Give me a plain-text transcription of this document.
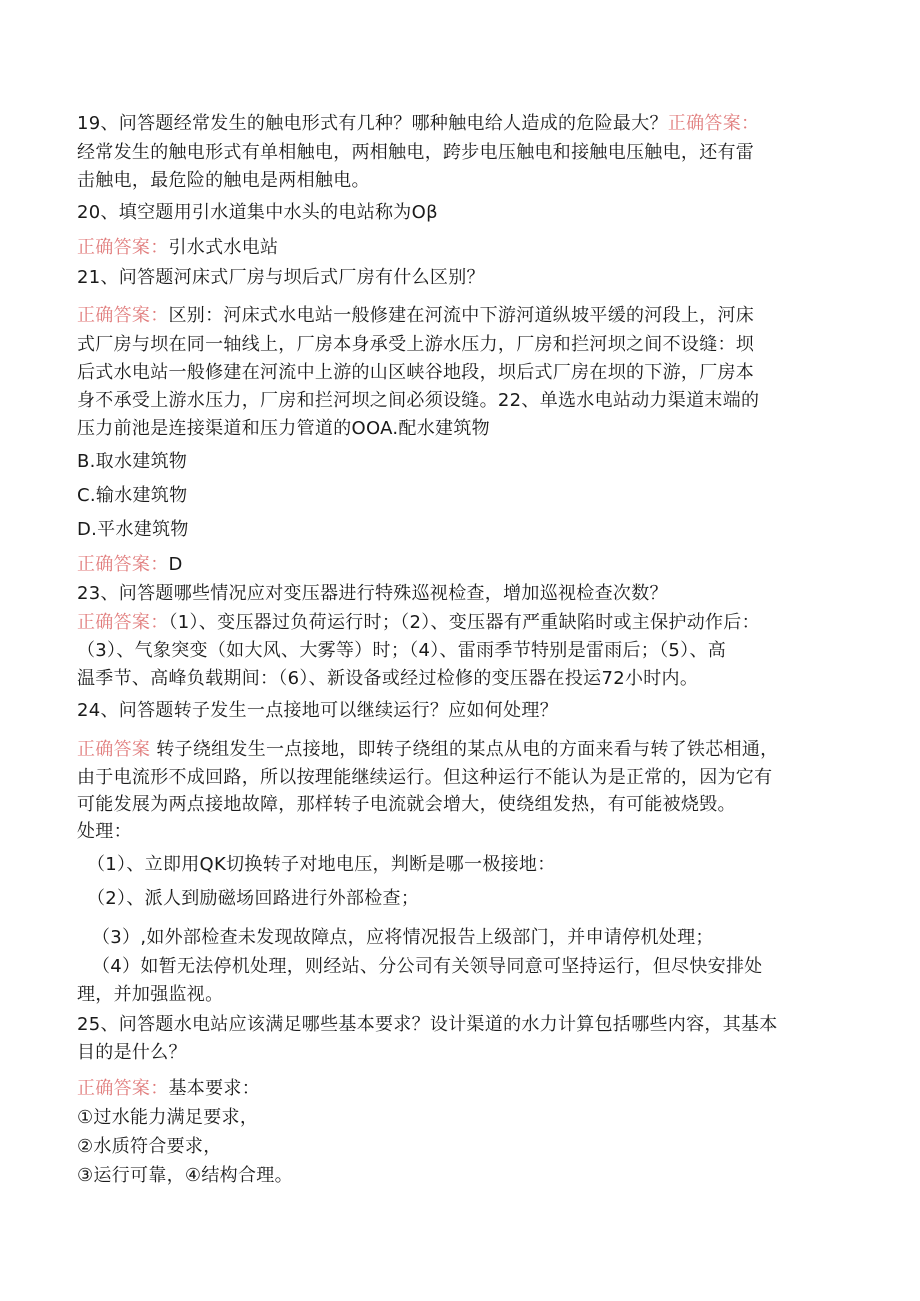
19、问答题经常发生的触电形式有几种？哪种触电给人造成的危险最大？正确答案：
经常发生的触电形式有单相触电，两相触电，跨步电压触电和接触电压触电，还有雷
击触电，最危险的触电是两相触电。
20、填空题用引水道集中水头的电站称为Oβ
正确答案：引水式水电站
21、问答题河床式厂房与坝后式厂房有什么区别？
正确答案：区别：河床式水电站一般修建在河流中下游河道纵坡平缓的河段上，河床
式厂房与坝在同一轴线上，厂房本身承受上游水压力，厂房和拦河坝之间不设缝：坝
后式水电站一般修建在河流中上游的山区峡谷地段，坝后式厂房在坝的下游，厂房本
身不承受上游水压力，厂房和拦河坝之间必须设缝。22、单选水电站动力渠道末端的
压力前池是连接渠道和压力管道的OOA.配水建筑物
B.取水建筑物
C.输水建筑物
D.平水建筑物
正确答案：D
23、问答题哪些情况应对变压器进行特殊巡视检查，增加巡视检查次数？
正确答案：（1）、变压器过负荷运行时；（2）、变压器有严重缺陷时或主保护动作后：
（3）、气象突变（如大风、大雾等）时；（4）、雷雨季节特别是雷雨后；（5）、高
温季节、高峰负载期间：（6）、新设备或经过检修的变压器在投运72小时内。
24、问答题转子发生一点接地可以继续运行？应如何处理？
正确答案 转子绕组发生一点接地，即转子绕组的某点从电的方面来看与转了铁芯相通，
由于电流形不成回路，所以按理能继续运行。但这种运行不能认为是正常的，因为它有
可能发展为两点接地故障，那样转子电流就会增大，使绕组发热，有可能被烧毁。
处理：
（1）、立即用QK切换转子对地电压，判断是哪一极接地：
（2）、派人到励磁场回路进行外部检查；
（3）,如外部检查未发现故障点，应将情况报告上级部门，并申请停机处理；
（4）如暂无法停机处理，则经站、分公司有关领导同意可坚持运行，但尽快安排处
理，并加强监视。
25、问答题水电站应该满足哪些基本要求？设计渠道的水力计算包括哪些内容，其基本
目的是什么？
正确答案：基本要求：
①过水能力满足要求，
②水质符合要求，
③运行可靠，④结构合理。
